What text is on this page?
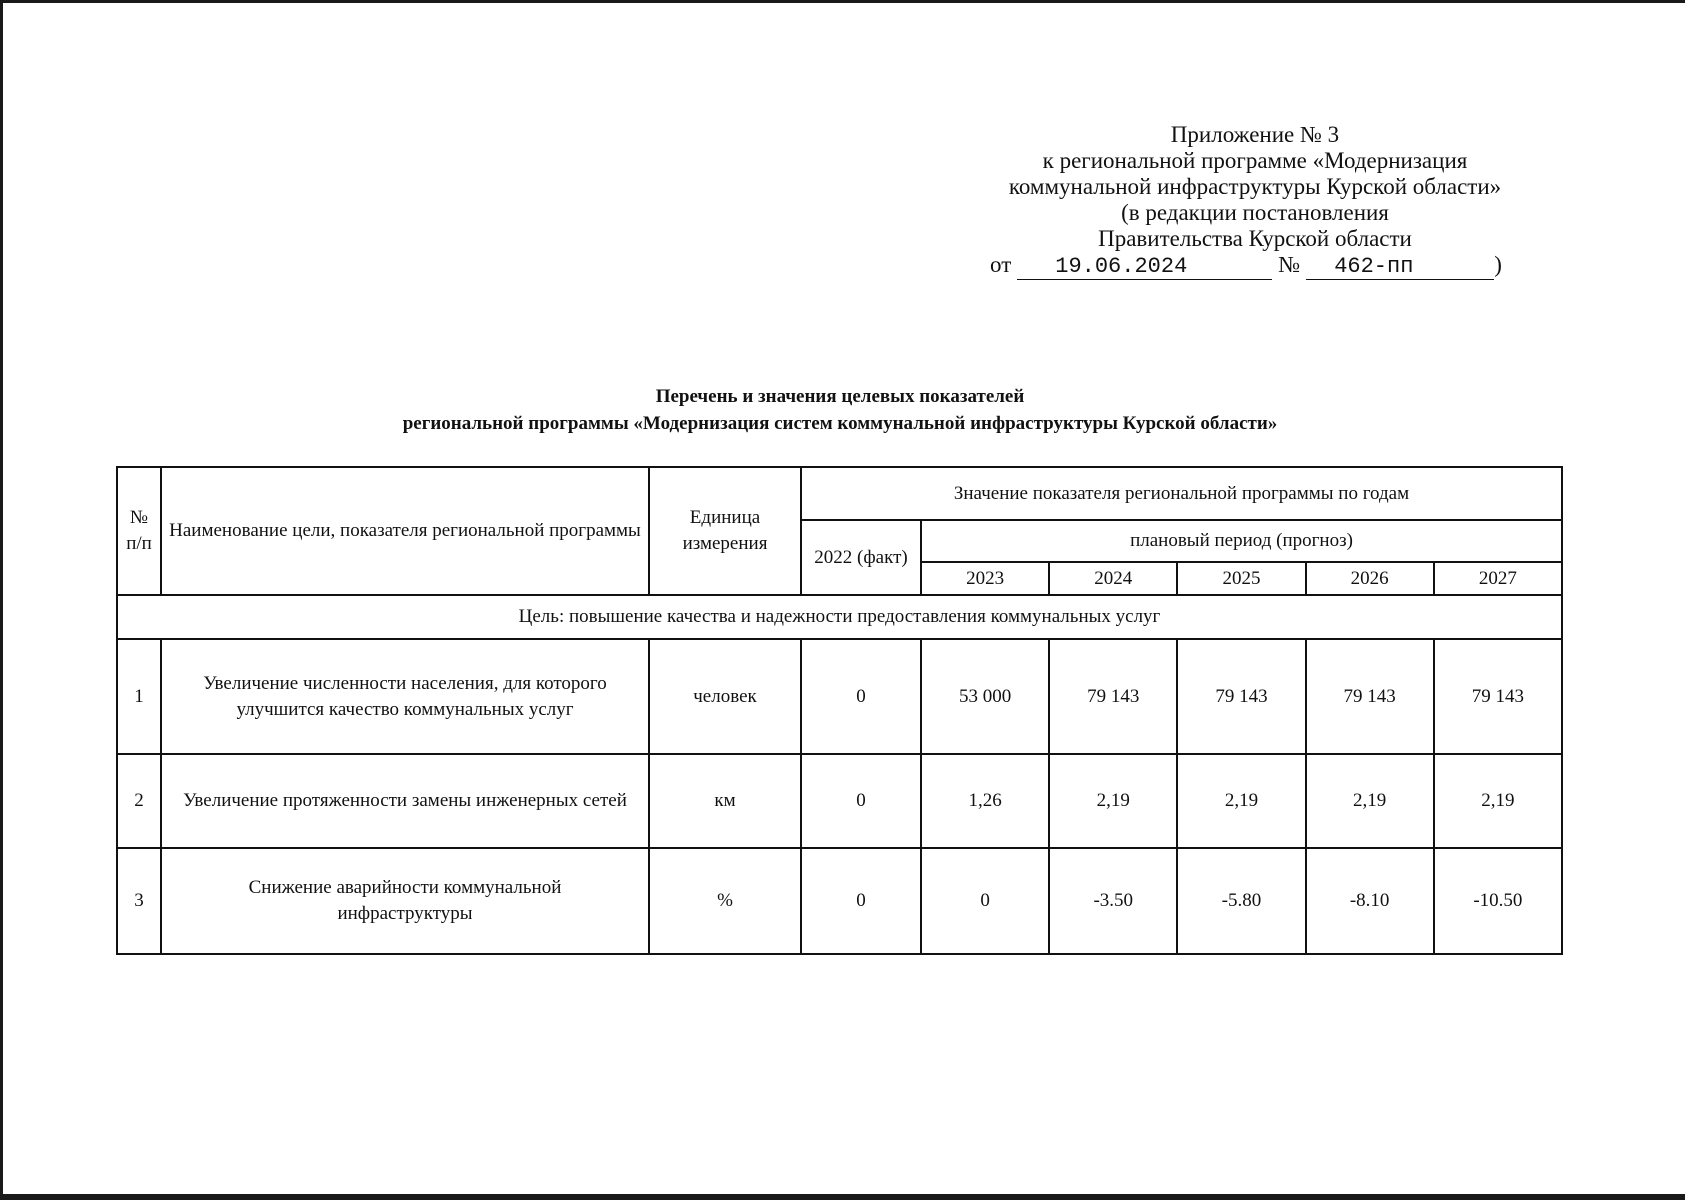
Приложение № 3
к региональной программе «Модернизация
коммунальной инфраструктуры Курской области»
(в редакции постановления
Правительства Курской области
от 19.06.2024	№ 462-пп	)
Перечень и значения целевых показателей
региональной программы «Модернизация систем коммунальной инфраструктуры Курской области»
№ п/п	Наименование цели, показателя региональной программы	Единица измерения	Значение показателя региональной программы по годам					
			2022 (факт)	плановый период (прогноз)				
				2023	2024	2025	2026	2027
Цель: повышение качества и надежности предоставления коммунальных услуг								
1	Увеличение численности населения, для которого улучшится качество коммунальных услуг	человек	0	53 000	79 143	79 143	79 143	79 143
2	Увеличение протяженности замены инженерных сетей	км	0	1,26	2,19	2,19	2,19	2,19
3	Снижение аварийности коммунальной инфраструктуры	%	0	0	-3.50	-5.80	-8.10	-10.50
